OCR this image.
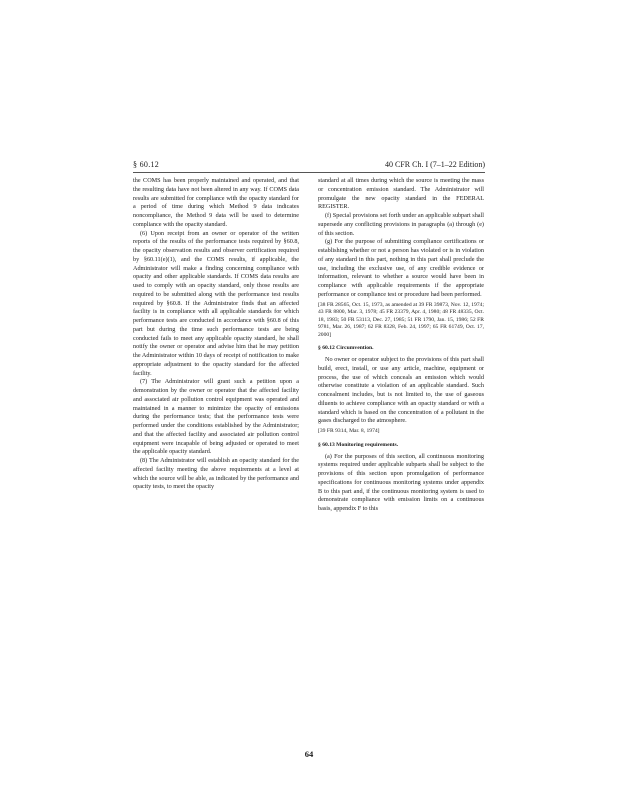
§ 60.12	40 CFR Ch. I (7–1–22 Edition)

the COMS has been properly maintained and operated, and that the resulting data have not been altered in any way. If COMS data results are submitted for compliance with the opacity standard for a period of time during which Method 9 data indicates noncompliance, the Method 9 data will be used to determine compliance with the opacity standard.

(6) Upon receipt from an owner or operator of the written reports of the results of the performance tests required by §60.8, the opacity observation results and observer certification required by §60.11(e)(1), and the COMS results, if applicable, the Administrator will make a finding concerning compliance with opacity and other applicable standards. If COMS data results are used to comply with an opacity standard, only those results are required to be submitted along with the performance test results required by §60.8. If the Administrator finds that an affected facility is in compliance with all applicable standards for which performance tests are conducted in accordance with §60.8 of this part but during the time such performance tests are being conducted fails to meet any applicable opacity standard, he shall notify the owner or operator and advise him that he may petition the Administrator within 10 days of receipt of notification to make appropriate adjustment to the opacity standard for the affected facility.

(7) The Administrator will grant such a petition upon a demonstration by the owner or operator that the affected facility and associated air pollution control equipment was operated and maintained in a manner to minimize the opacity of emissions during the performance tests; that the performance tests were performed under the conditions established by the Administrator; and that the affected facility and associated air pollution control equipment were incapable of being adjusted or operated to meet the applicable opacity standard.

(8) The Administrator will establish an opacity standard for the affected facility meeting the above requirements at a level at which the source will be able, as indicated by the performance and opacity tests, to meet the opacity

standard at all times during which the source is meeting the mass or concentration emission standard. The Administrator will promulgate the new opacity standard in the FEDERAL REGISTER.

(f) Special provisions set forth under an applicable subpart shall supersede any conflicting provisions in paragraphs (a) through (e) of this section.

(g) For the purpose of submitting compliance certifications or establishing whether or not a person has violated or is in violation of any standard in this part, nothing in this part shall preclude the use, including the exclusive use, of any credible evidence or information, relevant to whether a source would have been in compliance with applicable requirements if the appropriate performance or compliance test or procedure had been performed.

[38 FR 28565, Oct. 15, 1973, as amended at 39 FR 39873, Nov. 12, 1974; 43 FR 8800, Mar. 3, 1978; 45 FR 23379, Apr. 4, 1980; 48 FR 48335, Oct. 18, 1983; 50 FR 53113, Dec. 27, 1985; 51 FR 1790, Jan. 15, 1986; 52 FR 9781, Mar. 26, 1987; 62 FR 8328, Feb. 24, 1997; 65 FR 61749, Oct. 17, 2000]

§ 60.12 Circumvention.

No owner or operator subject to the provisions of this part shall build, erect, install, or use any article, machine, equipment or process, the use of which conceals an emission which would otherwise constitute a violation of an applicable standard. Such concealment includes, but is not limited to, the use of gaseous diluents to achieve compliance with an opacity standard or with a standard which is based on the concentration of a pollutant in the gases discharged to the atmosphere.

[39 FR 9314, Mar. 8, 1974]

§ 60.13 Monitoring requirements.

(a) For the purposes of this section, all continuous monitoring systems required under applicable subparts shall be subject to the provisions of this section upon promulgation of performance specifications for continuous monitoring systems under appendix B to this part and, if the continuous monitoring system is used to demonstrate compliance with emission limits on a continuous basis, appendix F to this

64
